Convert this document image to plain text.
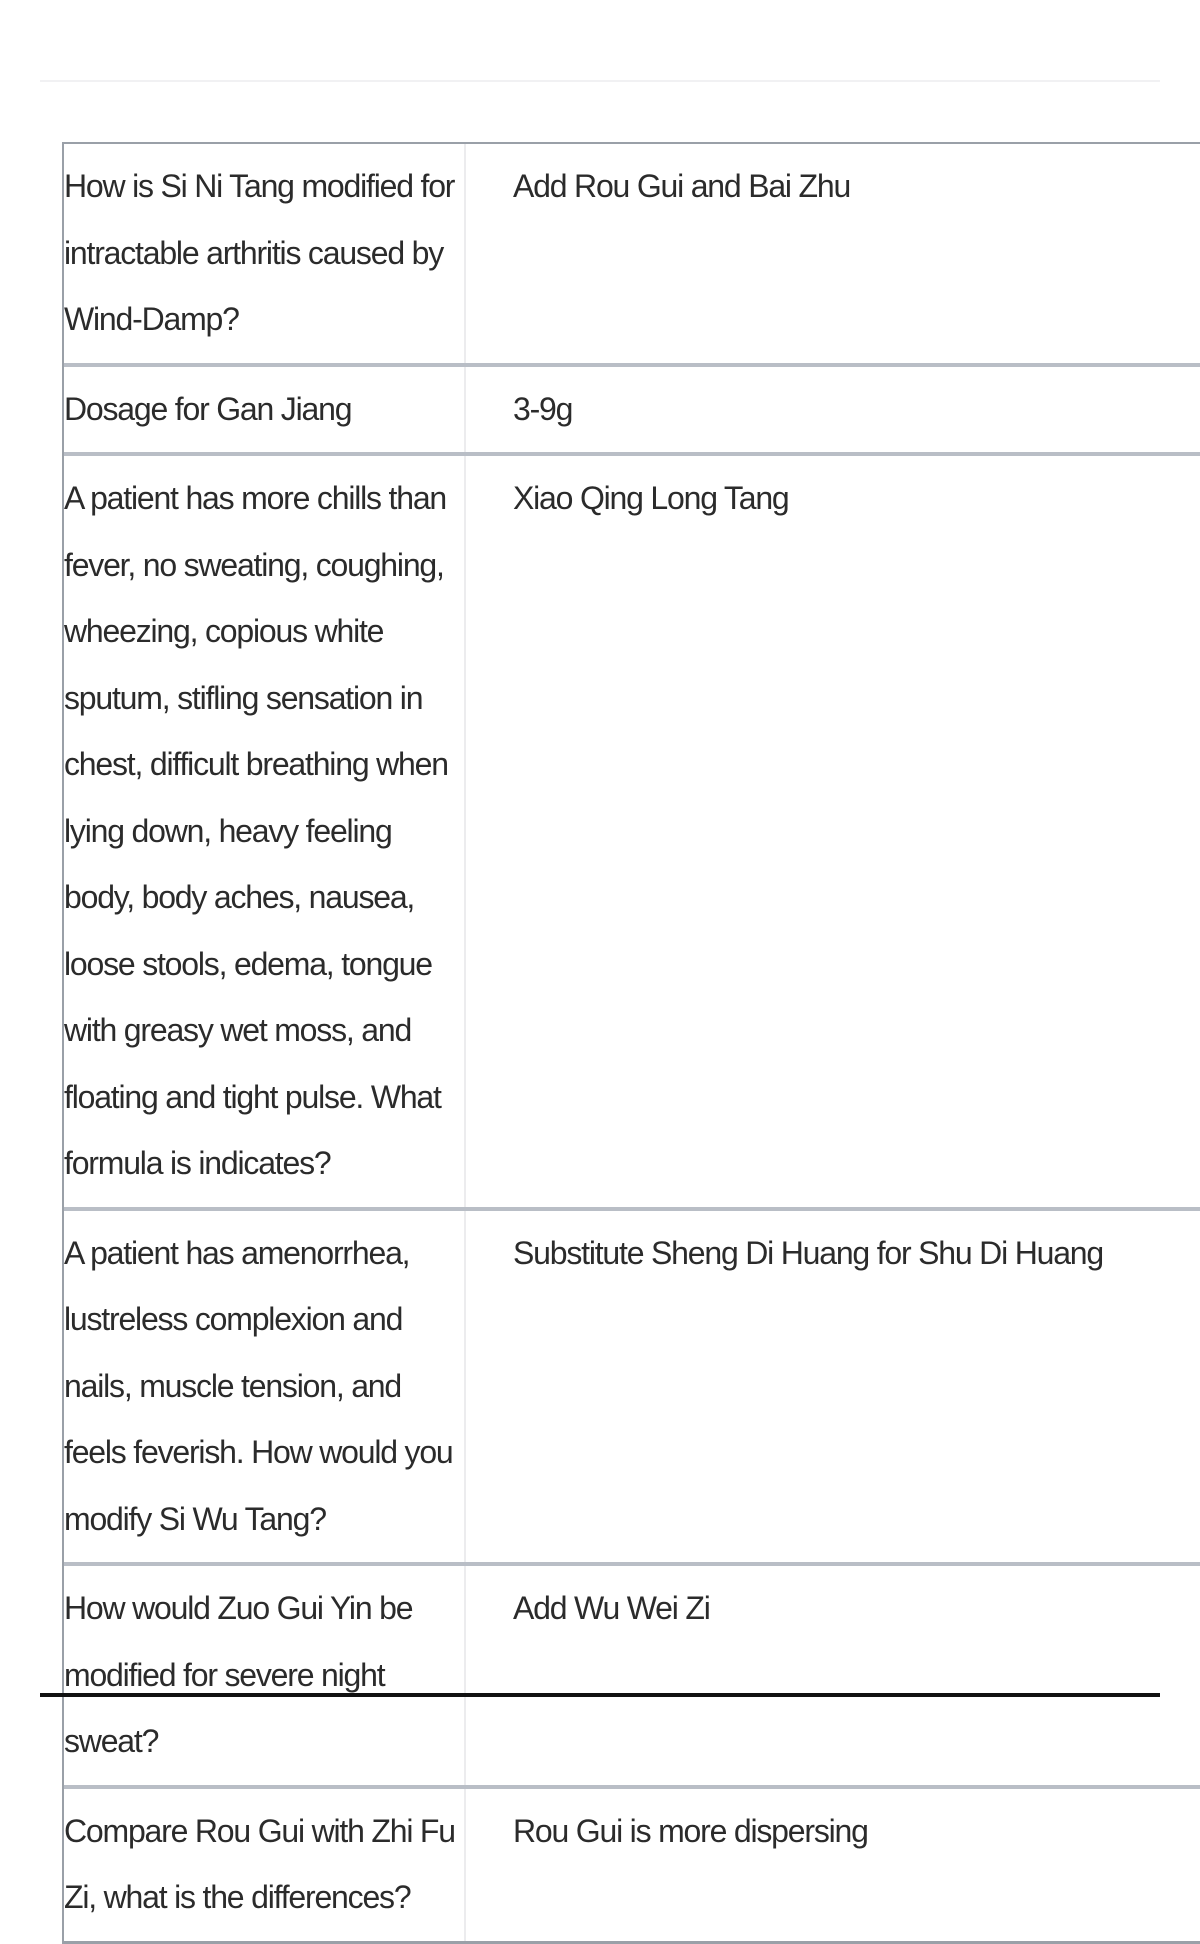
How is Si Ni Tang modified for intractable arthritis caused by Wind-Damp?
Add Rou Gui and Bai Zhu
Dosage for Gan Jiang	3-9g
A patient has more chills than fever, no sweating, coughing, wheezing, copious white sputum, stifling sensation in chest, difficult breathing when lying down, heavy feeling body, body aches, nausea, loose stools, edema, tongue with greasy wet moss, and floating and tight pulse. What formula is indicates?
Xiao Qing Long Tang
A patient has amenorrhea, lustreless complexion and nails, muscle tension, and feels feverish. How would you modify Si Wu Tang?
Substitute Sheng Di Huang for Shu Di Huang
How would Zuo Gui Yin be modified for severe night sweat?
Add Wu Wei Zi
Compare Rou Gui with Zhi Fu Zi, what is the differences?
Rou Gui is more dispersing
